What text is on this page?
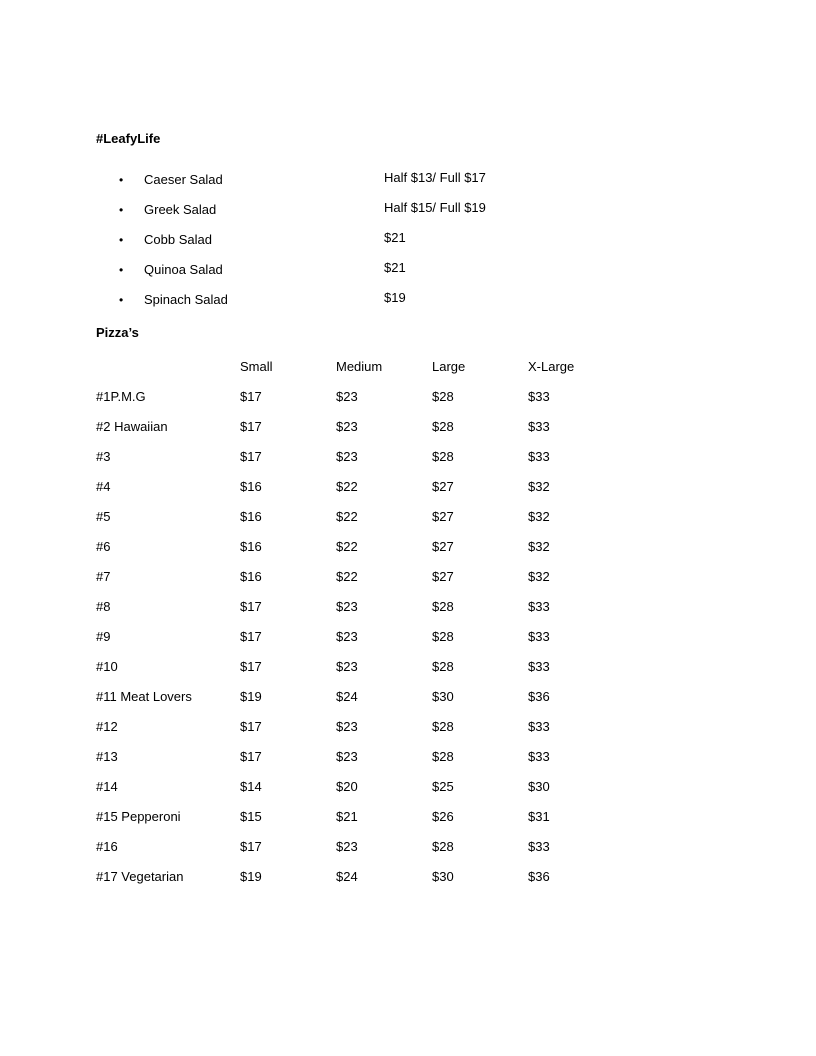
#LeafyLife
• Caeser Salad	Half $13/ Full $17
• Greek Salad	Half $15/ Full $19
• Cobb Salad	$21
• Quinoa Salad	$21
• Spinach Salad	$19
Pizza’s
	Small	Medium	Large	X-Large
#1P.M.G	$17	$23	$28	$33
#2 Hawaiian	$17	$23	$28	$33
#3	$17	$23	$28	$33
#4	$16	$22	$27	$32
#5	$16	$22	$27	$32
#6	$16	$22	$27	$32
#7	$16	$22	$27	$32
#8	$17	$23	$28	$33
#9	$17	$23	$28	$33
#10	$17	$23	$28	$33
#11 Meat Lovers	$19	$24	$30	$36
#12	$17	$23	$28	$33
#13	$17	$23	$28	$33
#14	$14	$20	$25	$30
#15 Pepperoni	$15	$21	$26	$31
#16	$17	$23	$28	$33
#17 Vegetarian	$19	$24	$30	$36
